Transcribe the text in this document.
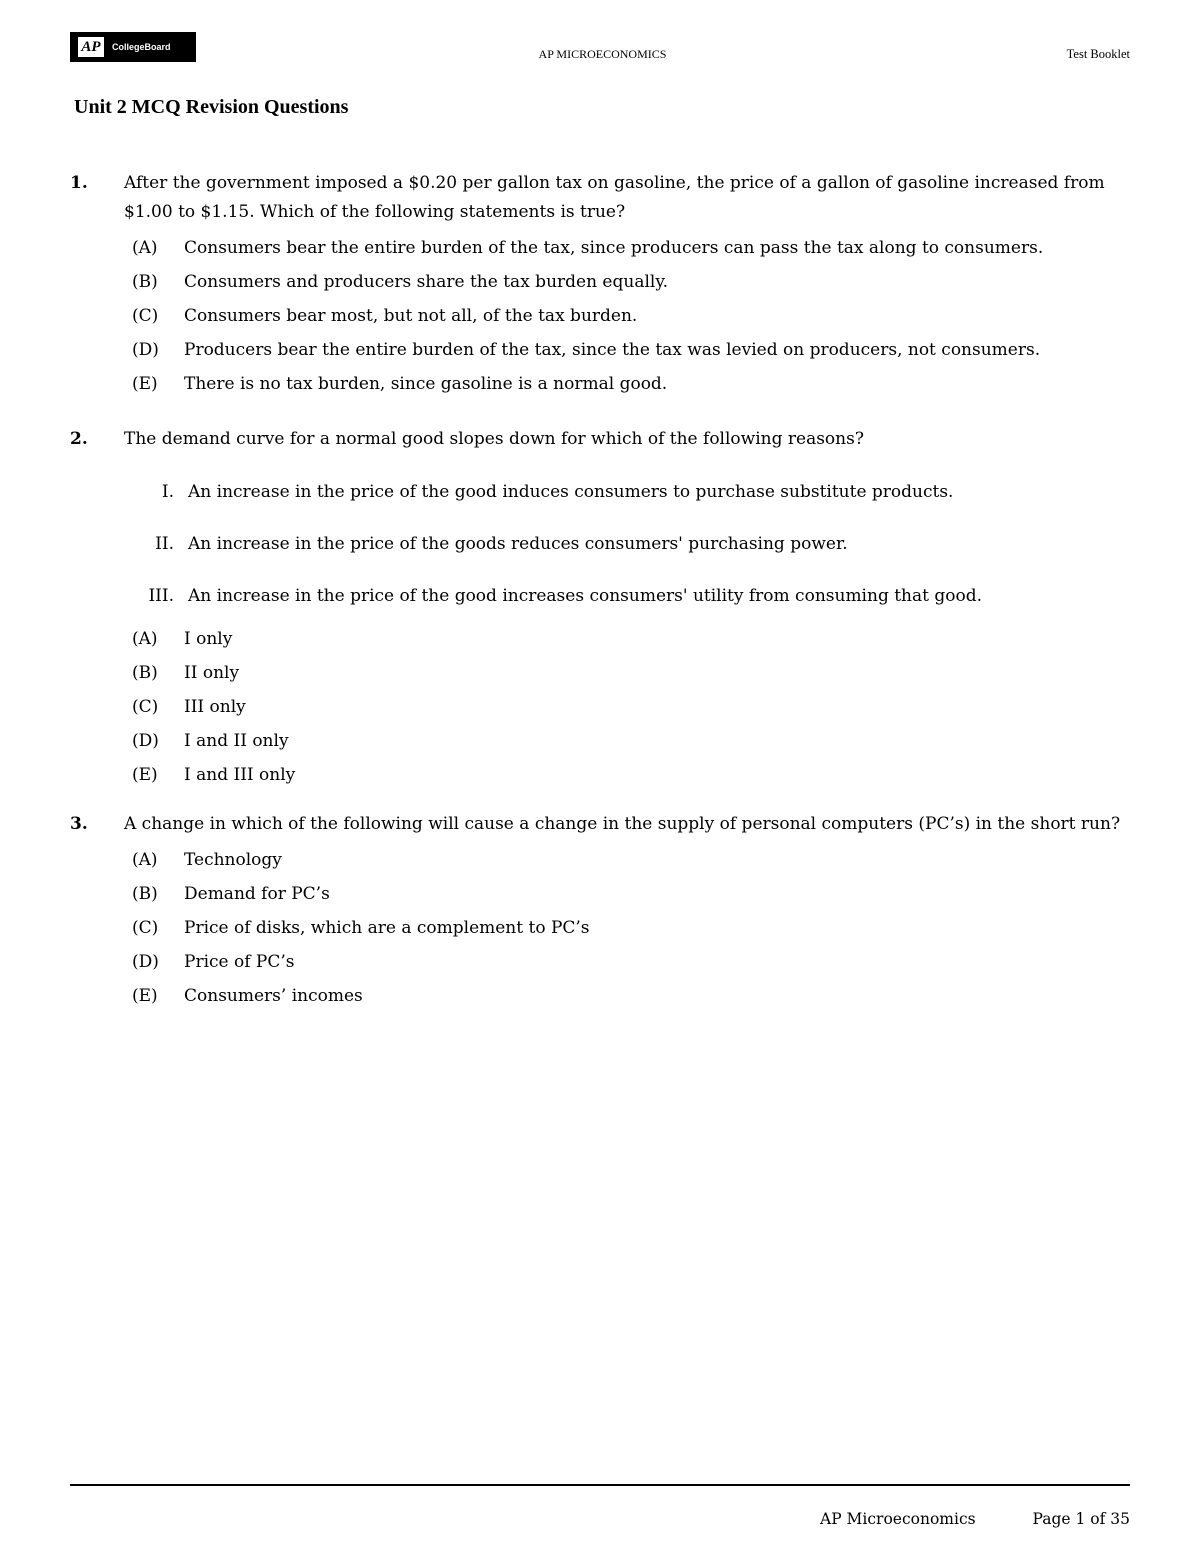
AP	CollegeBoard	AP MICROECONOMICS	Test Booklet
Unit 2 MCQ Revision Questions
1.	After the government imposed a $0.20 per gallon tax on gasoline, the price of a gallon of gasoline increased from $1.00 to $1.15. Which of the following statements is true?
(A)	Consumers bear the entire burden of the tax, since producers can pass the tax along to consumers.
(B)	Consumers and producers share the tax burden equally.
(C)	Consumers bear most, but not all, of the tax burden.
(D)	Producers bear the entire burden of the tax, since the tax was levied on producers, not consumers.
(E)	There is no tax burden, since gasoline is a normal good.
2.	The demand curve for a normal good slopes down for which of the following reasons?
I. An increase in the price of the good induces consumers to purchase substitute products.
II. An increase in the price of the goods reduces consumers' purchasing power.
III. An increase in the price of the good increases consumers' utility from consuming that good.
(A)	I only
(B)	II only
(C)	III only
(D)	I and II only
(E)	I and III only
3.	A change in which of the following will cause a change in the supply of personal computers (PC’s) in the short run?
(A)	Technology
(B)	Demand for PC’s
(C)	Price of disks, which are a complement to PC’s
(D)	Price of PC’s
(E)	Consumers’ incomes
AP Microeconomics	Page 1 of 35
